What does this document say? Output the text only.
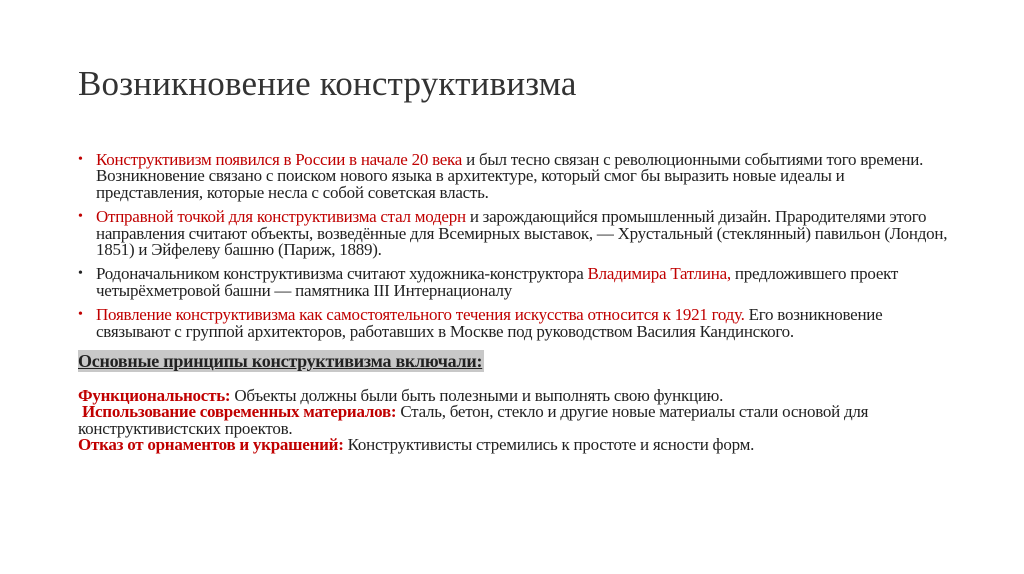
Возникновение конструктивизма
• Конструктивизм появился в России в начале 20 века и был тесно связан с революционными событиями того времени. Возникновение связано с поиском нового языка в архитектуре, который смог бы выразить новые идеалы и представления, которые несла с собой советская власть.
• Отправной точкой для конструктивизма стал модерн и зарождающийся промышленный дизайн. Прародителями этого направления считают объекты, возведённые для Всемирных выставок, — Хрустальный (стеклянный) павильон (Лондон, 1851) и Эйфелеву башню (Париж, 1889).
• Родоначальником конструктивизма считают художника-конструктора Владимира Татлина, предложившего проект четырёхметровой башни — памятника III Интернационалу
• Появление конструктивизма как самостоятельного течения искусства относится к 1921 году. Его возникновение связывают с группой архитекторов, работавших в Москве под руководством Василия Кандинского.
Основные принципы конструктивизма включали:
Функциональность: Объекты должны были быть полезными и выполнять свою функцию.
Использование современных материалов: Сталь, бетон, стекло и другие новые материалы стали основой для конструктивистских проектов.
Отказ от орнаментов и украшений: Конструктивисты стремились к простоте и ясности форм.
